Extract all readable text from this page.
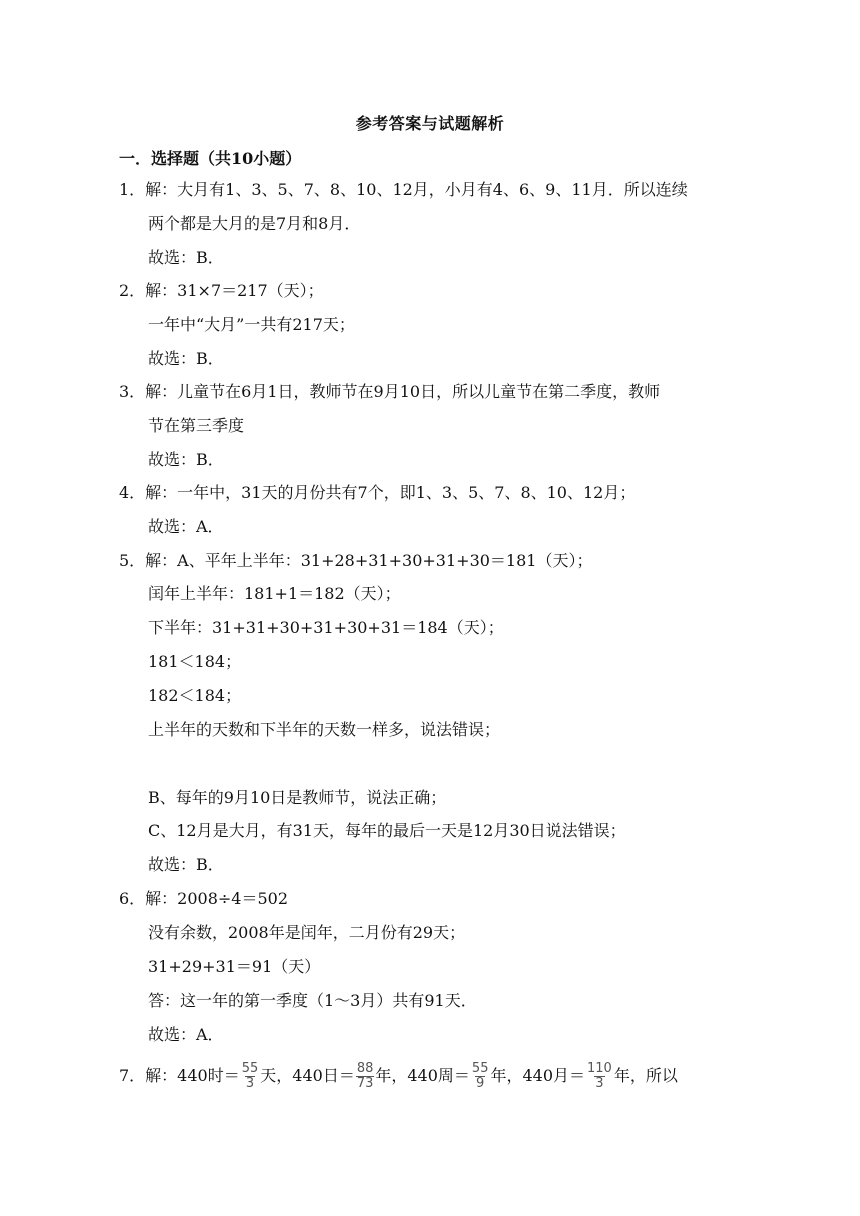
参考答案与试题解析
一．选择题（共10小题）
1．解：大月有1、3、5、7、8、10、12月，小月有4、6、9、11月．所以连续
两个都是大月的是7月和8月．
故选：B．
2．解：31×7＝217（天）；
一年中“大月”一共有217天；
故选：B．
3．解：儿童节在6月1日，教师节在9月10日，所以儿童节在第二季度，教师
节在第三季度
故选：B．
4．解：一年中，31天的月份共有7个，即1、3、5、7、8、10、12月；
故选：A．
5．解：A、平年上半年：31+28+31+30+31+30＝181（天）；
闰年上半年：181+1＝182（天）；
下半年：31+31+30+31+30+31＝184（天）；
181＜184；
182＜184；
上半年的天数和下半年的天数一样多，说法错误；
B、每年的9月10日是教师节，说法正确；
C、12月是大月，有31天，每年的最后一天是12月30日说法错误；
故选：B．
6．解：2008÷4＝502
没有余数，2008年是闰年，二月份有29天；
31+29+31＝91（天）
答：这一年的第一季度（1～3月）共有91天．
故选：A．
7．解：440时＝ $\frac{55}{3}$ 天，440日＝ $\frac{88}{73}$ 年，440周＝ $\frac{55}{9}$ 年，440月＝ $\frac{110}{3}$ 年，所以
